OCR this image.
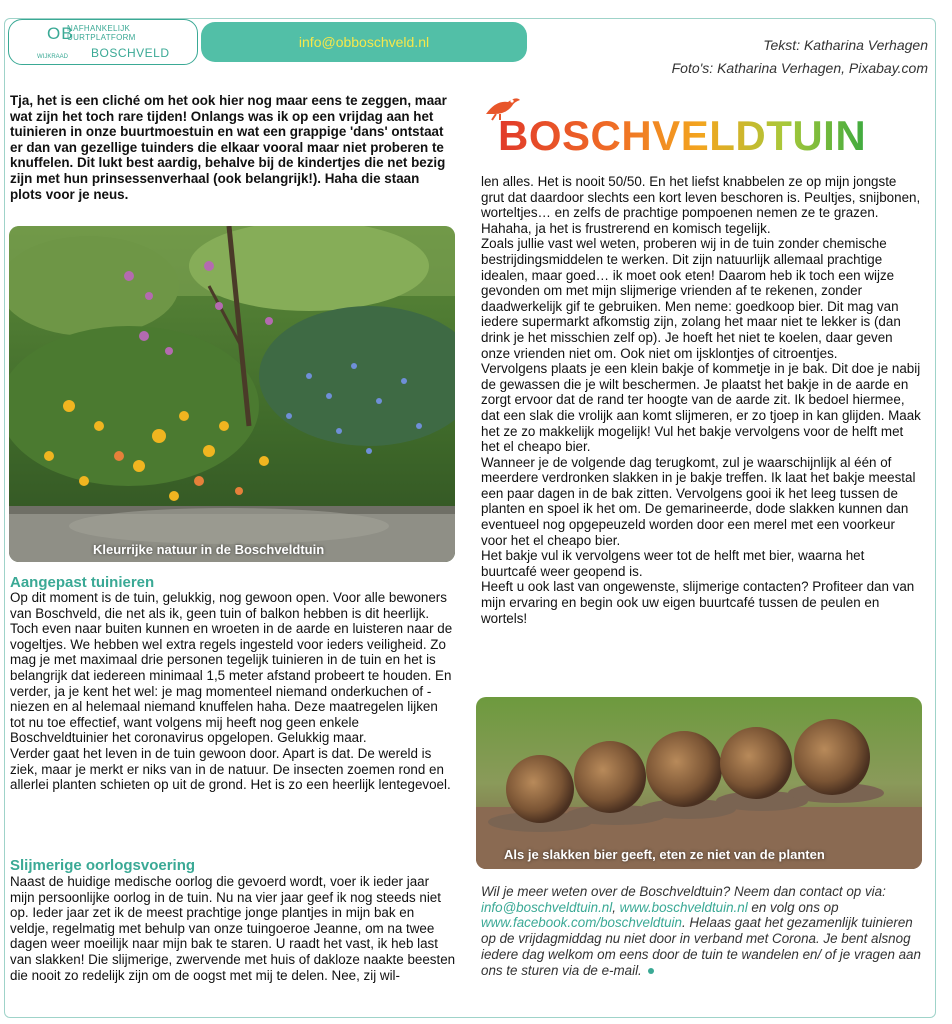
OB
NAFHANKELIJK
UURTPLATFORM
BOSCHVELD
WIJKRAAD
info@obboschveld.nl	Tekst: Katharina Verhagen
Foto's: Katharina Verhagen, Pixabay.com
Tja, het is een cliché om het ook hier nog maar eens te zeggen, maar wat zijn het toch rare tijden! Onlangs was ik op een vrijdag aan het tuinieren in onze buurtmoestuin en wat een grappige 'dans' ontstaat er dan van gezellige tuinders die elkaar vooral maar niet proberen te knuffelen. Dit lukt best aardig, behalve bij de kindertjes die net bezig zijn met hun prinsessenverhaal (ook belangrijk!). Haha die staan plots voor je neus.
Kleurrijke natuur in de Boschveldtuin
Aangepast tuinieren

Op dit moment is de tuin, gelukkig, nog gewoon open. Voor alle bewoners van Boschveld, die net als ik, geen tuin of balkon hebben is dit heerlijk. Toch even naar buiten kunnen en wroeten in de aarde en luisteren naar de vogeltjes. We hebben wel extra regels ingesteld voor ieders veiligheid. Zo mag je met maximaal drie personen tegelijk tuinieren in de tuin en het is belangrijk dat iedereen minimaal 1,5 meter afstand probeert te houden. En verder, ja je kent het wel: je mag momenteel niemand onderkuchen of -niezen en al helemaal niemand knuffelen haha. Deze maatregelen lijken tot nu toe effectief, want volgens mij heeft nog geen enkele Boschveldtuinier het coronavirus opgelopen. Gelukkig maar.

Verder gaat het leven in de tuin gewoon door. Apart is dat. De wereld is ziek, maar je merkt er niks van in de natuur. De insecten zoemen rond en allerlei planten schieten op uit de grond. Het is zo een heerlijk lentegevoel.

Slijmerige oorlogsvoering

Naast de huidige medische oorlog die gevoerd wordt, voer ik ieder jaar mijn persoonlijke oorlog in de tuin. Nu na vier jaar geef ik nog steeds niet op. Ieder jaar zet ik de meest prachtige jonge plantjes in mijn bak en veldje, regelmatig met behulp van onze tuingoeroe Jeanne, om na twee dagen weer moeilijk naar mijn bak te staren. U raadt het vast, ik heb last van slakken! Die slijmerige, zwervende met huis of dakloze naakte beesten die nooit zo redelijk zijn om de oogst met mij te delen. Nee, zij wil-

BOSCHVELDTUIN

len alles. Het is nooit 50/50. En het liefst knabbelen ze op mijn jongste grut dat daardoor slechts een kort leven beschoren is. Peultjes, snijbonen, worteltjes… en zelfs de prachtige pompoenen nemen ze te grazen. Hahaha, ja het is frustrerend en komisch tegelijk.

Zoals jullie vast wel weten, proberen wij in de tuin zonder chemische bestrijdingsmiddelen te werken. Dit zijn natuurlijk allemaal prachtige idealen, maar goed… ik moet ook eten! Daarom heb ik toch een wijze gevonden om met mijn slijmerige vrienden af te rekenen, zonder daadwerkelijk gif te gebruiken. Men neme: goedkoop bier. Dit mag van iedere supermarkt afkomstig zijn, zolang het maar niet te lekker is (dan drink je het misschien zelf op). Je hoeft het niet te koelen, daar geven onze vrienden niet om. Ook niet om ijsklontjes of citroentjes.

Vervolgens plaats je een klein bakje of kommetje in je bak. Dit doe je nabij de gewassen die je wilt beschermen. Je plaatst het bakje in de aarde en zorgt ervoor dat de rand ter hoogte van de aarde zit. Ik bedoel hiermee, dat een slak die vrolijk aan komt slijmeren, er zo tjoep in kan glijden. Maak het ze zo makkelijk mogelijk! Vul het bakje vervolgens voor de helft met het el cheapo bier.

Wanneer je de volgende dag terugkomt, zul je waarschijnlijk al één of meerdere verdronken slakken in je bakje treffen. Ik laat het bakje meestal een paar dagen in de bak zitten. Vervolgens gooi ik het leeg tussen de planten en spoel ik het om. De gemarineerde, dode slakken kunnen dan eventueel nog opgepeuzeld worden door een merel met een voorkeur voor het el cheapo bier.

Het bakje vul ik vervolgens weer tot de helft met bier, waarna het buurtcafé weer geopend is.

Heeft u ook last van ongewenste, slijmerige contacten? Profiteer dan van mijn ervaring en begin ook uw eigen buurtcafé tussen de peulen en wortels!

Als je slakken bier geeft, eten ze niet van de planten
Wil je meer weten over de Boschveldtuin? Neem dan contact op via: info@boschveldtuin.nl, www.boschveldtuin.nl en volg ons op www.facebook.com/boschveldtuin. Helaas gaat het gezamenlijk tuinieren op de vrijdagmiddag nu niet door in verband met Corona. Je bent alsnog iedere dag welkom om eens door de tuin te wandelen en/ of je vragen aan ons te sturen via de e-mail.
